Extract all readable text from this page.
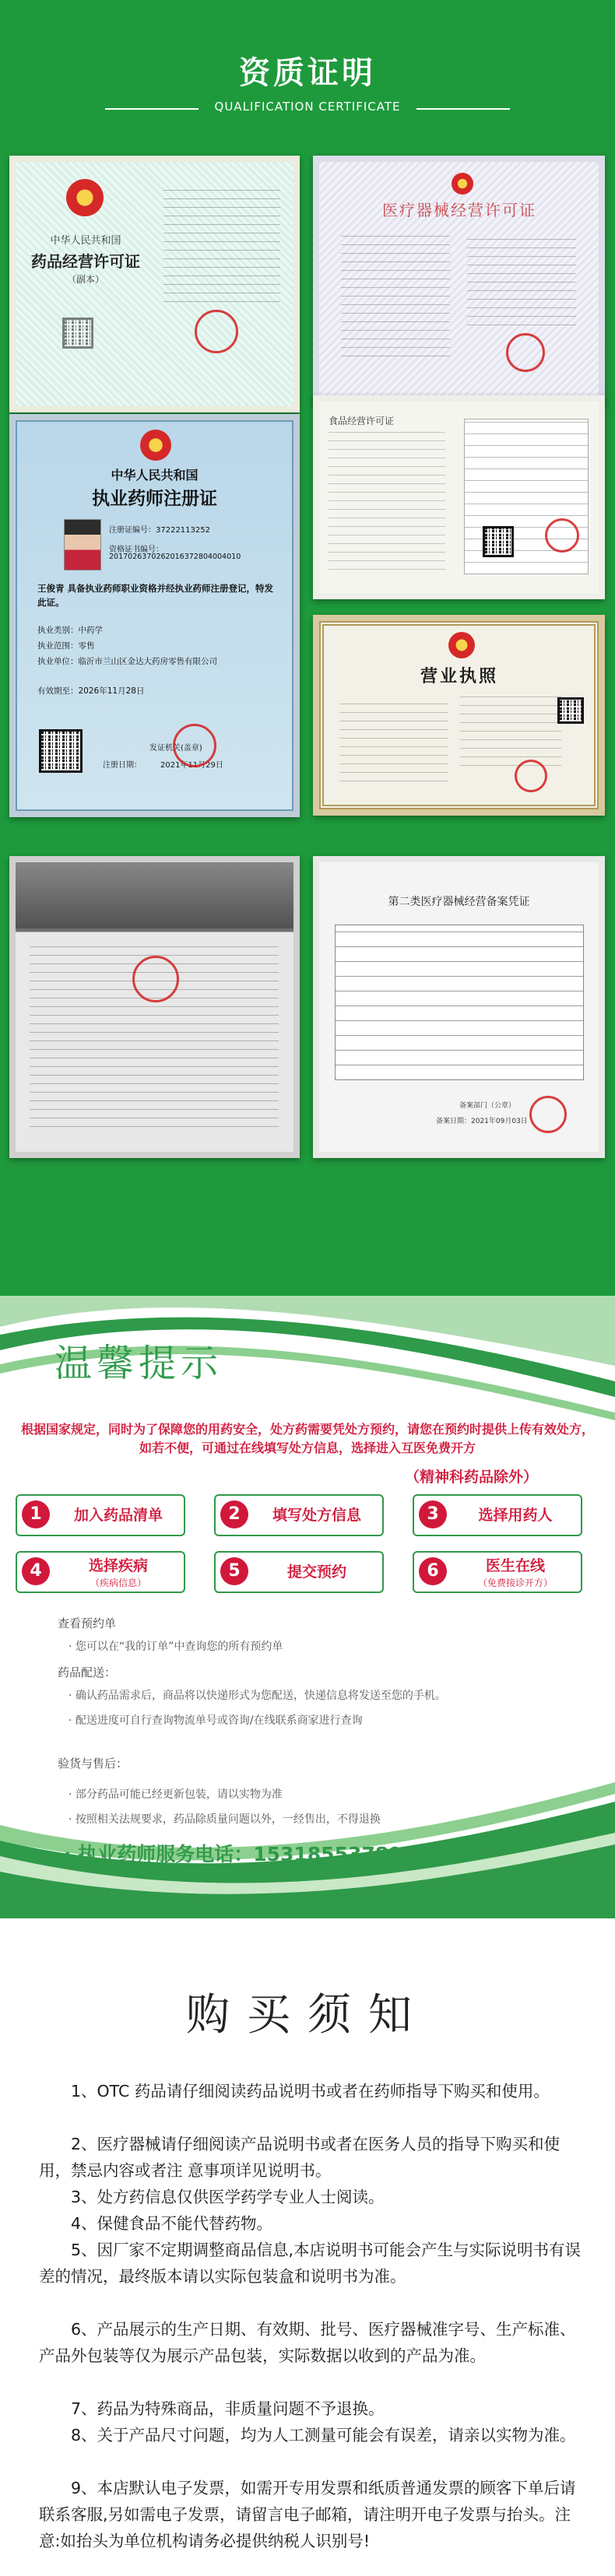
资质证明
QUALIFICATION CERTIFICATE
中华人民共和国
药品经营许可证
（副本）
医疗器械经营许可证
中华人民共和国
执业药师注册证
注册证编号：37222113252
资格证书编号：
2017026370262016372804004010
王俊青 具备执业药师职业资格并经执业药师注册登记，特发此证。
执业类别：中药学
执业范围：零售
执业单位：临沂市兰山区金达大药房零售有限公司
有效期至：2026年11月28日
发证机关(盖章)
注册日期： 2021年11月29日
食品经营许可证
营业执照
第二类医疗器械经营备案凭证
备案部门（公章）
备案日期：2021年09月03日
温馨提示
根据国家规定，同时为了保障您的用药安全，处方药需要凭处方预约，请您在预约时提供上传有效处方，如若不便，可通过在线填写处方信息，选择进入互医免费开方
（精神科药品除外）
1	加入药品清单	2	填写处方信息	3	选择用药人
4	选择疾病
（疾病信息）
5	提交预约	6	医生在线
（免费接诊开方）
查看预约单
· 您可以在“我的订单”中查询您的所有预约单
药品配送：
· 确认药品需求后，商品将以快递形式为您配送，快递信息将发送至您的手机。
· 配送进度可自行查询物流单号或咨询/在线联系商家进行查询
验货与售后：
· 部分药品可能已经更新包装，请以实物为准
· 按照相关法规要求，药品除质量问题以外，一经售出，不得退换
· 执业药师服务电话：15318553789
购买须知
1、OTC 药品请仔细阅读药品说明书或者在药师指导下购买和使用。
2、医疗器械请仔细阅读产品说明书或者在医务人员的指导下购买和使用，禁忌内容或者注 意事项详见说明书。
3、处方药信息仅供医学药学专业人士阅读。
4、保健食品不能代替药物。
5、因厂家不定期调整商品信息,本店说明书可能会产生与实际说明书有误差的情况，最终版本请以实际包装盒和说明书为准。
6、产品展示的生产日期、有效期、批号、医疗器械准字号、生产标准、产品外包装等仅为展示产品包装，实际数据以收到的产品为准。
7、药品为特殊商品，非质量问题不予退换。
8、关于产品尺寸问题，均为人工测量可能会有误差，请亲以实物为准。
9、本店默认电子发票，如需开专用发票和纸质普通发票的顾客下单后请联系客服,另如需电子发票，请留言电子邮箱，请注明开电子发票与抬头。注意:如抬头为单位机构请务必提供纳税人识别号!
